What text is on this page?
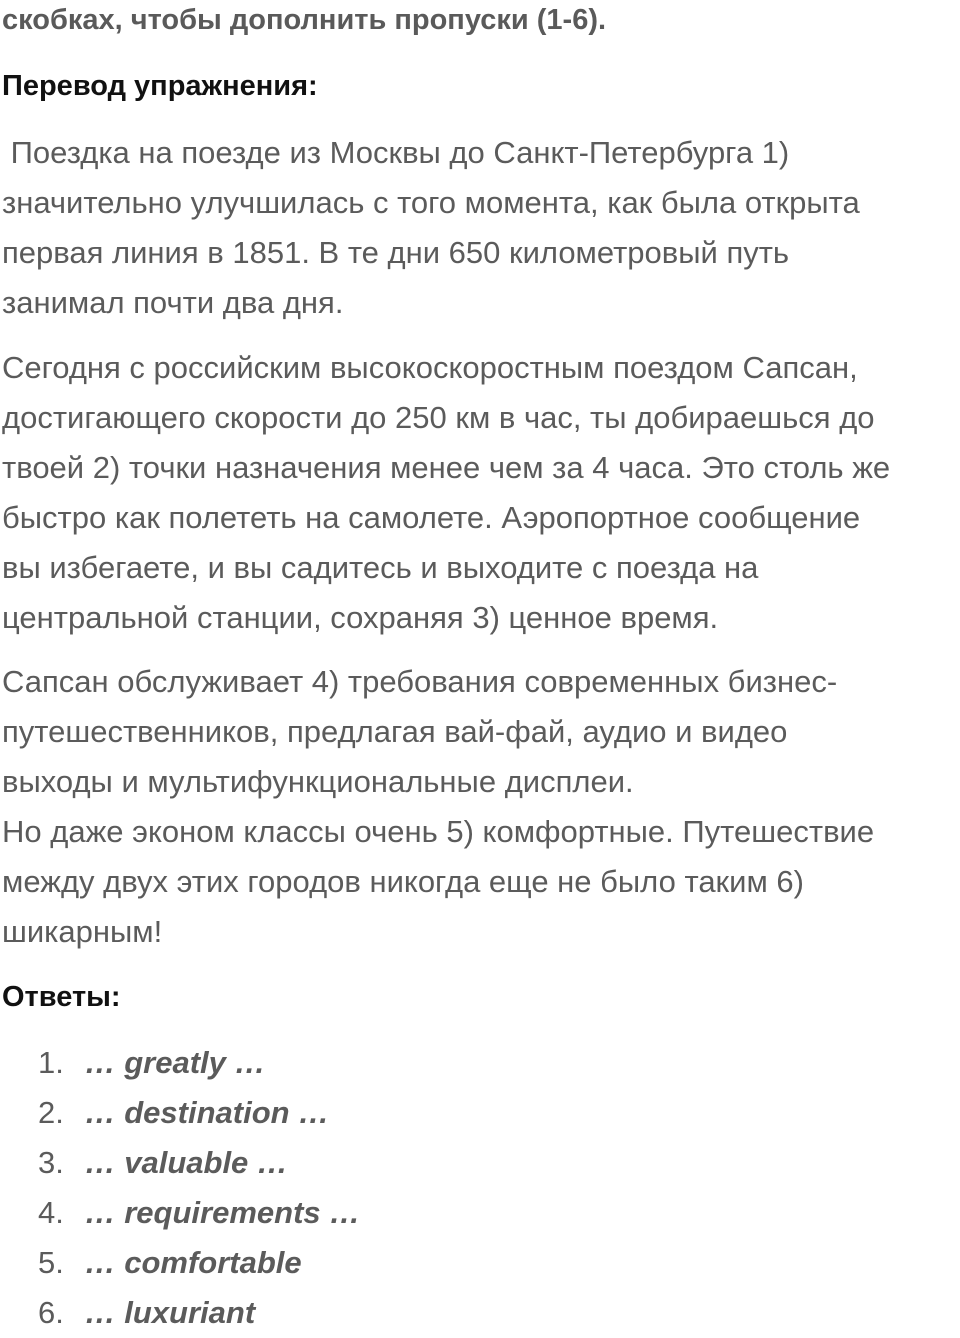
скобках, чтобы дополнить пропуски (1-6).
Перевод упражнения:

Поездка на поезде из Москвы до Санкт-Петербурга 1)
значительно улучшилась с того момента, как была открыта
первая линия в 1851. В те дни 650 километровый путь
занимал почти два дня.

Сегодня с российским высокоскоростным поездом Сапсан,
достигающего скорости до 250 км в час, ты добираешься до
твоей 2) точки назначения менее чем за 4 часа. Это столь же
быстро как полететь на самолете. Аэропортное сообщение
вы избегаете, и вы садитесь и выходите с поезда на
центральной станции, сохраняя 3) ценное время.

Сапсан обслуживает 4) требования современных бизнес-
путешественников, предлагая вай-фай, аудио и видео
выходы и мультифункциональные дисплеи.
Но даже эконом классы очень 5) комфортные. Путешествие
между двух этих городов никогда еще не было таким 6)
шикарным!

Ответы:
1. … greatly …
2. … destination …
3. … valuable …
4. … requirements …
5. … comfortable
6. … luxuriant
